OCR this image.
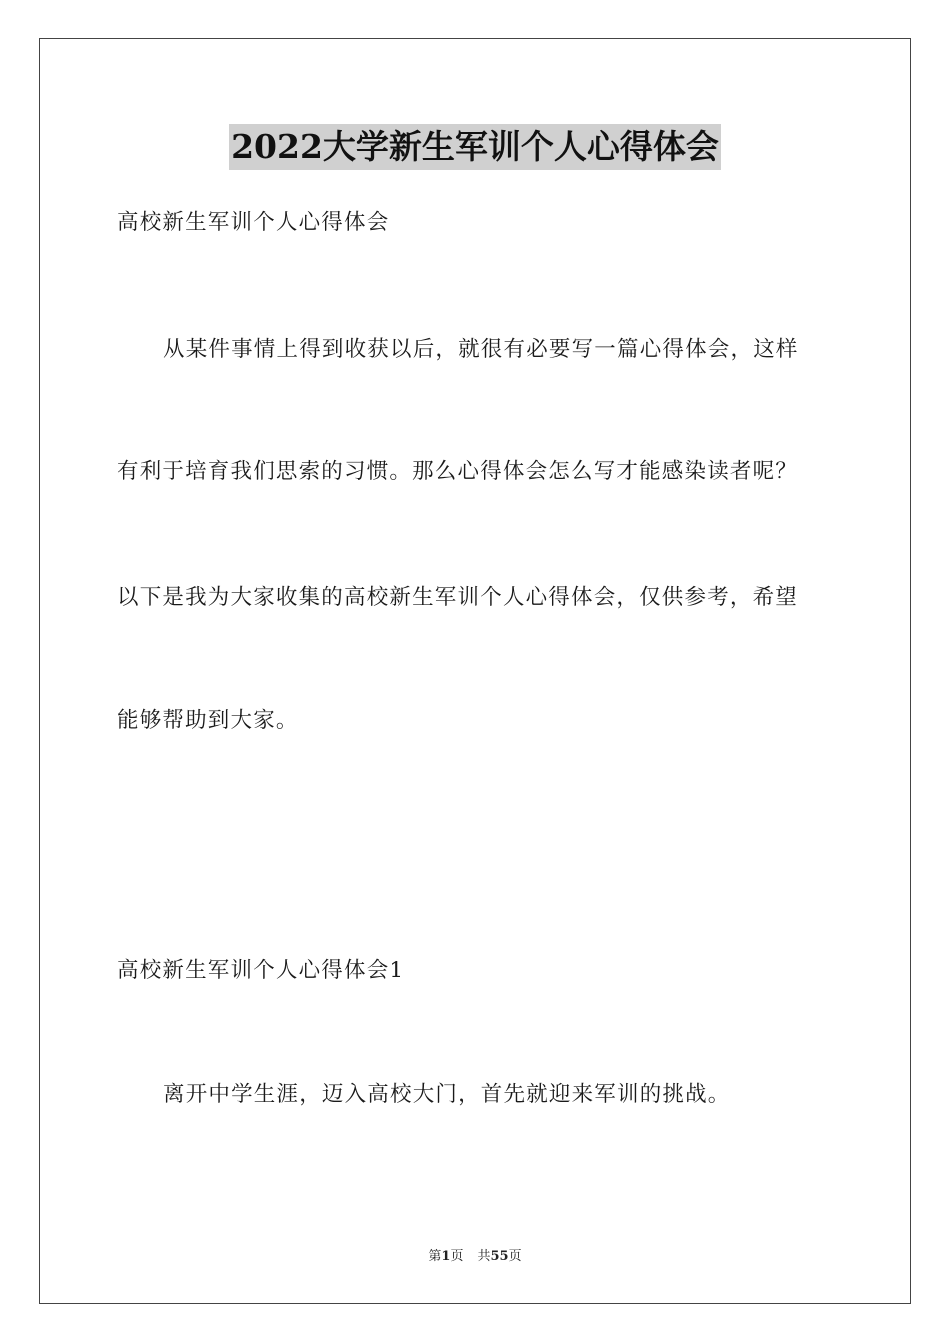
2022大学新生军训个人心得体会
高校新生军训个人心得体会
从某件事情上得到收获以后，就很有必要写一篇心得体会，这样
有利于培育我们思索的习惯。那么心得体会怎么写才能感染读者呢？
以下是我为大家收集的高校新生军训个人心得体会，仅供参考，希望
能够帮助到大家。
高校新生军训个人心得体会1
离开中学生涯，迈入高校大门，首先就迎来军训的挑战。
第1页 共55页
